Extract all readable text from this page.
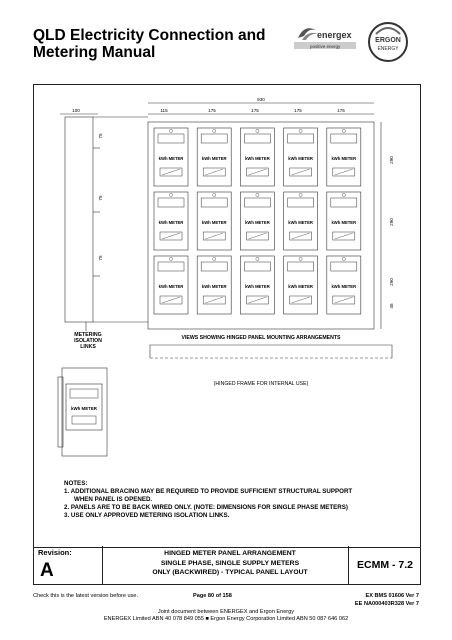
QLD Electricity Connection and
Metering Manual
energex
positive energy
ERGON
ENERGY
kWh METER	kWh METER	kWh METER	kWh METER	kWh METER
kWh METER	kWh METER	kWh METER	kWh METER	kWh METER
kWh METER	kWh METER	kWh METER	kWh METER	kWh METER
kWh METER
930
100	115	175	175	175	175
290
290
290
45
75
75
75
METERING
ISOLATION
LINKS
VIEWS SHOWING HINGED PANEL MOUNTING ARRANGEMENTS
(HINGED FRAME FOR INTERNAL USE)
NOTES:
1. ADDITIONAL BRACING MAY BE REQUIRED TO PROVIDE SUFFICIENT STRUCTURAL SUPPORT
WHEN PANEL IS OPENED.
2. PANELS ARE TO BE BACK WIRED ONLY. (NOTE: DIMENSIONS FOR SINGLE PHASE METERS)
3. USE ONLY APPROVED METERING ISOLATION LINKS.
Revision:
A
HINGED METER PANEL ARRANGEMENT
SINGLE PHASE, SINGLE SUPPLY METERS
ONLY (BACKWIRED) - TYPICAL PANEL LAYOUT
ECMM - 7.2
Check this is the latest version before use.	Page 80 of 158	EX BMS 01606 Ver 7
EE NA000403R328 Ver 7
Joint document between ENERGEX and Ergon Energy
ENERGEX Limited ABN 40 078 849 055 ■ Ergon Energy Corporation Limited ABN 50 087 646 062
